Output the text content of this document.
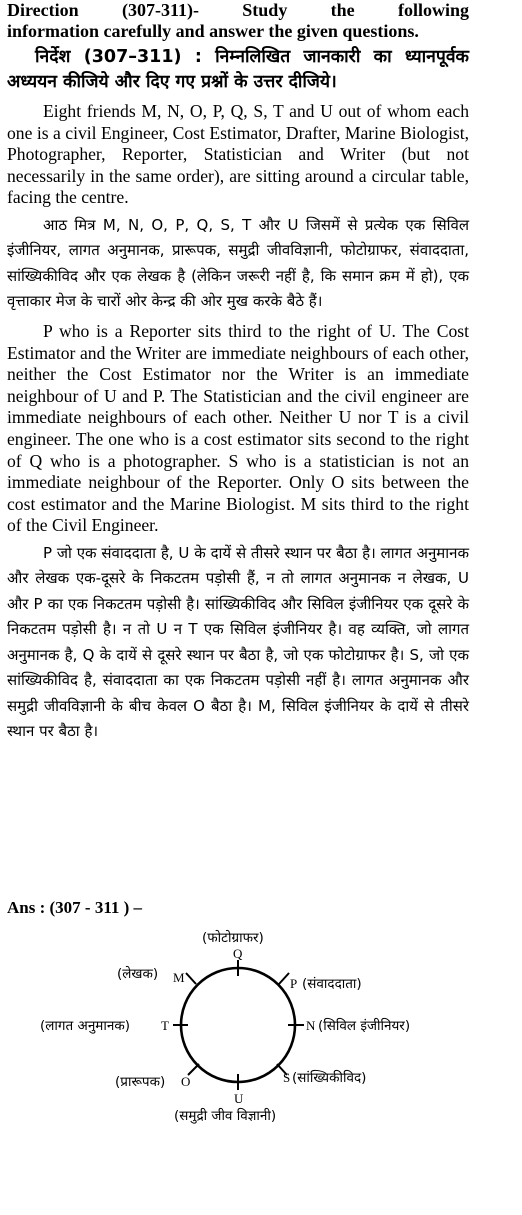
Direction (307-311)- Study the following

information carefully and answer the given questions.

निर्देश (307–311) : निम्नलिखित जानकारी का ध्यानपूर्वक अध्ययन कीजिये और दिए गए प्रश्नों के उत्तर दीजिये।

Eight friends M, N, O, P, Q, S, T and U out of whom each one is a civil Engineer, Cost Estimator, Drafter, Marine Biologist, Photographer, Reporter, Statistician and Writer (but not necessarily in the same order), are sitting around a circular table, facing the centre.

आठ मित्र M, N, O, P, Q, S, T और U जिसमें से प्रत्येक एक सिविल इंजीनियर, लागत अनुमानक, प्रारूपक, समुद्री जीवविज्ञानी, फोटोग्राफर, संवाददाता, सांख्यिकीविद और एक लेखक है (लेकिन जरूरी नहीं है, कि समान क्रम में हो), एक वृत्ताकार मेज के चारों ओर केन्द्र की ओर मुख करके बैठे हैं।

P who is a Reporter sits third to the right of U. The Cost Estimator and the Writer are immediate neighbours of each other, neither the Cost Estimator nor the Writer is an immediate neighbour of U and P. The Statistician and the civil engineer are immediate neighbours of each other. Neither U nor T is a civil engineer. The one who is a cost estimator sits second to the right of Q who is a photographer. S who is a statistician is not an immediate neighbour of the Reporter. Only O sits between the cost estimator and the Marine Biologist. M sits third to the right of the Civil Engineer.

P जो एक संवाददाता है, U के दायें से तीसरे स्थान पर बैठा है। लागत अनुमानक और लेखक एक-दूसरे के निकटतम पड़ोसी हैं, न तो लागत अनुमानक न लेखक, U और P का एक निकटतम पड़ोसी है। सांख्यिकीविद और सिविल इंजीनियर एक दूसरे के निकटतम पड़ोसी है। न तो U न T एक सिविल इंजीनियर है। वह व्यक्ति, जो लागत अनुमानक है, Q के दायें से दूसरे स्थान पर बैठा है, जो एक फोटोग्राफर है। S, जो एक सांख्यिकीविद है, संवाददाता का एक निकटतम पड़ोसी नहीं है। लागत अनुमानक और समुद्री जीवविज्ञानी के बीच केवल O बैठा है। M, सिविल इंजीनियर के दायें से तीसरे स्थान पर बैठा है।

Ans : (307 - 311 ) –
Q
(फोटोग्राफर)
P (संवाददाता)
N (सिविल इंजीनियर)
S (सांख्यिकीविद)
U
(समुद्री जीव विज्ञानी)
O
(प्रारूपक)
T
(लागत अनुमानक)
M
(लेखक)
